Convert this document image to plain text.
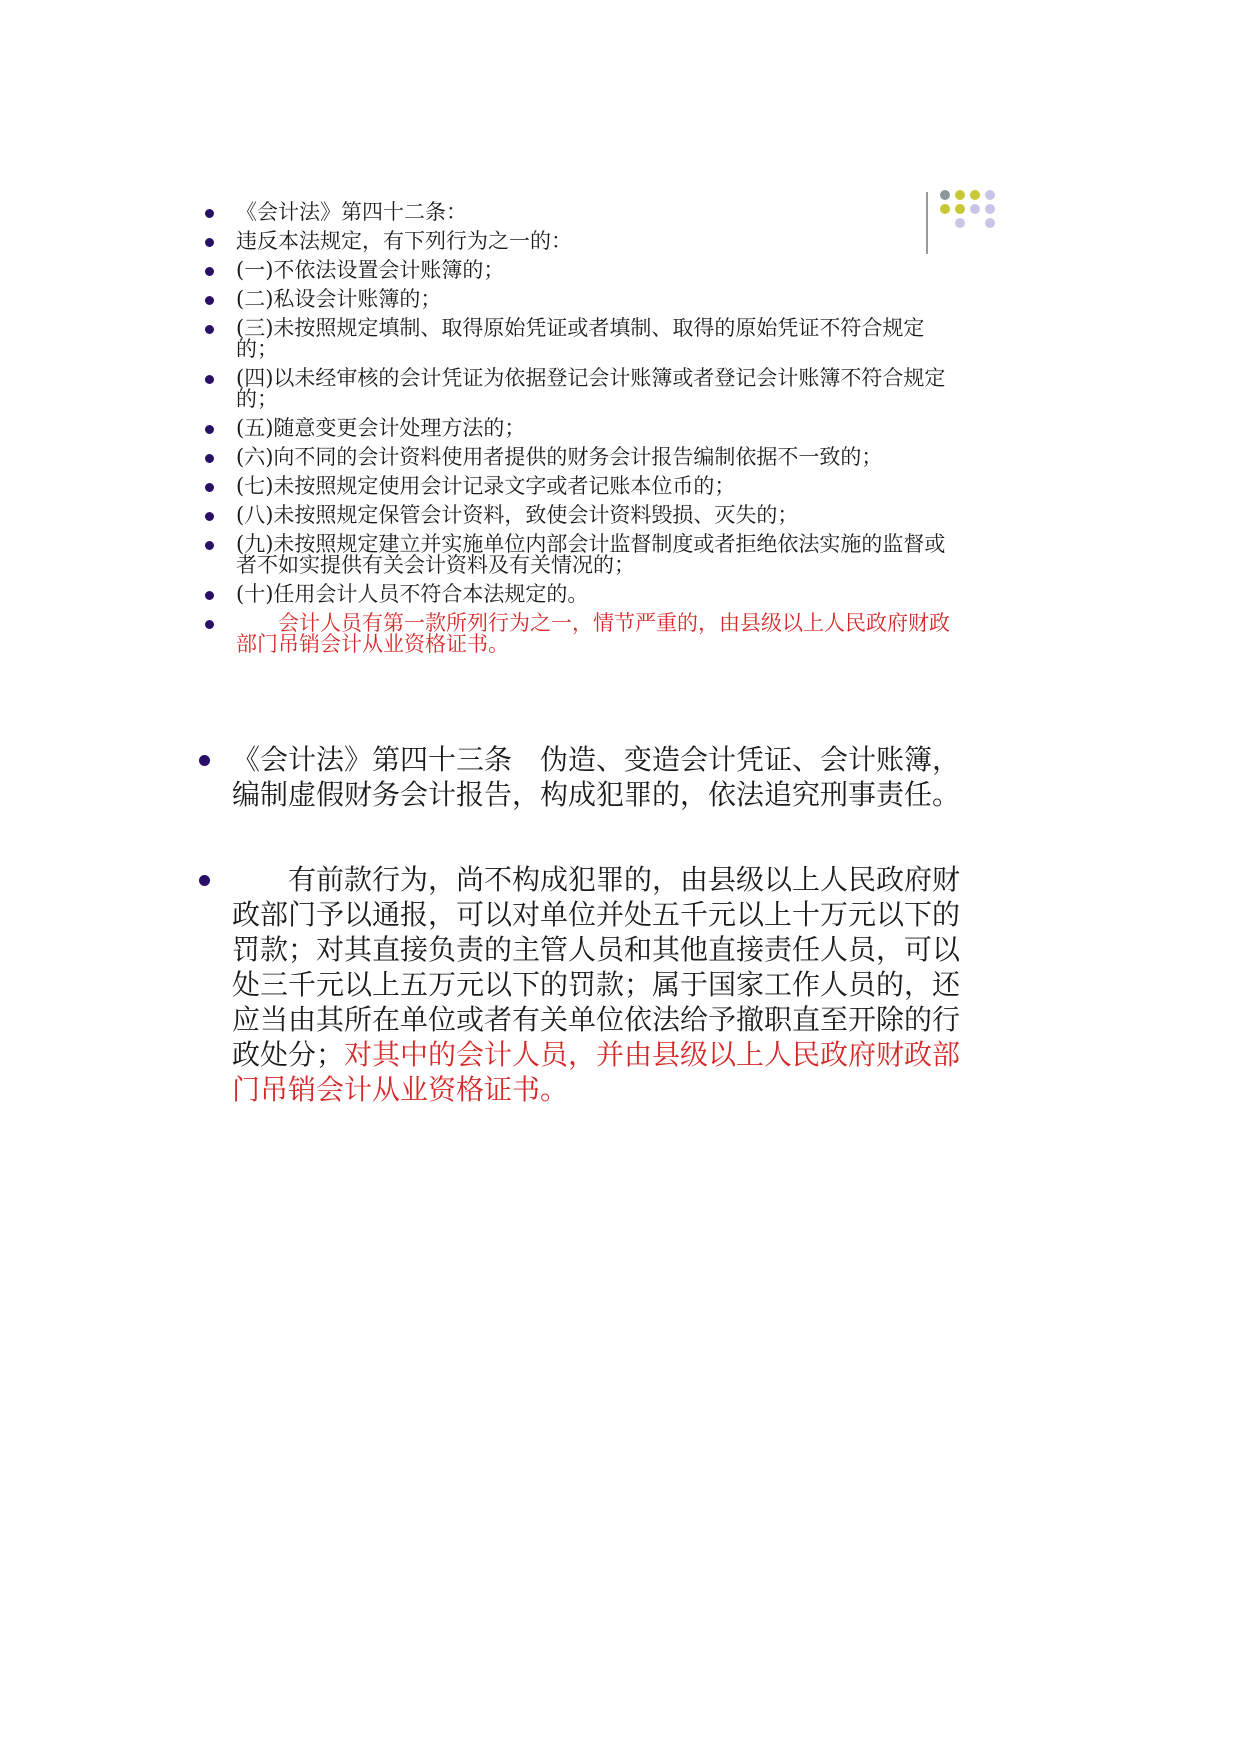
《会计法》第四十二条：
违反本法规定，有下列行为之一的：
(一)不依法设置会计账簿的；
(二)私设会计账簿的；
(三)未按照规定填制、取得原始凭证或者填制、取得的原始凭证不符合规定的；
(四)以未经审核的会计凭证为依据登记会计账簿或者登记会计账簿不符合规定的；
(五)随意变更会计处理方法的；
(六)向不同的会计资料使用者提供的财务会计报告编制依据不一致的；
(七)未按照规定使用会计记录文字或者记账本位币的；
(八)未按照规定保管会计资料，致使会计资料毁损、灭失的；
(九)未按照规定建立并实施单位内部会计监督制度或者拒绝依法实施的监督或者不如实提供有关会计资料及有关情况的；
(十)任用会计人员不符合本法规定的。
会计人员有第一款所列行为之一，情节严重的，由县级以上人民政府财政部门吊销会计从业资格证书。
《会计法》第四十三条　伪造、变造会计凭证、会计账簿，编制虚假财务会计报告，构成犯罪的，依法追究刑事责任。
有前款行为，尚不构成犯罪的，由县级以上人民政府财政部门予以通报，可以对单位并处五千元以上十万元以下的罚款；对其直接负责的主管人员和其他直接责任人员，可以处三千元以上五万元以下的罚款；属于国家工作人员的，还应当由其所在单位或者有关单位依法给予撤职直至开除的行政处分；对其中的会计人员，并由县级以上人民政府财政部门吊销会计从业资格证书。
